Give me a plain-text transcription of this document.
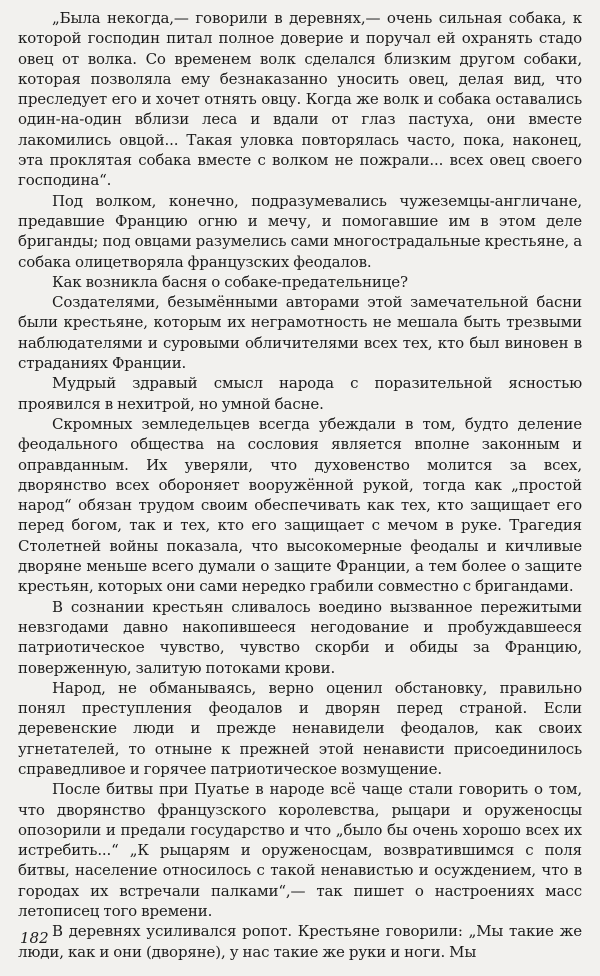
„Была некогда,— говорили в деревнях,— очень сильная собака, к которой господин питал полное доверие и поручал ей охранять стадо овец от волка. Со временем волк сделался близким другом собаки, которая позволяла ему безнаказанно уносить овец, делая вид, что преследует его и хочет отнять овцу. Когда же волк и собака оставались один-на-один вблизи леса и вдали от глаз пастуха, они вместе лакомились овцой... Такая уловка повторялась часто, пока, наконец, эта проклятая собака вместе с волком не пожрали... всех овец своего господина“.

Под волком, конечно, подразумевались чужеземцы-англичане, предавшие Францию огню и мечу, и помогавшие им в этом деле бриганды; под овцами разумелись сами многострадальные крестьяне, а собака олицетворяла французских феодалов.

Как возникла басня о собаке-предательнице?

Создателями, безымёнными авторами этой замечательной басни были крестьяне, которым их неграмотность не мешала быть трезвыми наблюдателями и суровыми обличителями всех тех, кто был виновен в страданиях Франции.

Мудрый здравый смысл народа с поразительной ясностью проявился в нехитрой, но умной басне.

Скромных земледельцев всегда убеждали в том, будто деление феодального общества на сословия является вполне законным и оправданным. Их уверяли, что духовенство молится за всех, дворянство всех обороняет вооружённой рукой, тогда как „простой народ“ обязан трудом своим обеспечивать как тех, кто защищает его перед богом, так и тех, кто его защищает с мечом в руке. Трагедия Столетней войны показала, что высокомерные феодалы и кичливые дворяне меньше всего думали о защите Франции, а тем более о защите крестьян, которых они сами нередко грабили совместно с бригандами.

В сознании крестьян сливалось воедино вызванное пережитыми невзгодами давно накопившееся негодование и пробуждавшееся патриотическое чувство, чувство скорби и обиды за Францию, поверженную, залитую потоками крови.

Народ, не обманываясь, верно оценил обстановку, правильно понял преступления феодалов и дворян перед страной. Если деревенские люди и прежде ненавидели феодалов, как своих угнетателей, то отныне к прежней этой ненависти присоединилось справедливое и горячее патриотическое возмущение.

После битвы при Пуатье в народе всё чаще стали говорить о том, что дворянство французского королевства, рыцари и оруженосцы опозорили и предали государство и что „было бы очень хорошо всех их истребить...“ „К рыцарям и оруженосцам, возвратившимся с поля битвы, население относилось с такой ненавистью и осуждением, что в городах их встречали палками“,— так пишет о настроениях масс летописец того времени.

В деревнях усиливался ропот. Крестьяне говорили: „Мы такие же люди, как и они (дворяне), у нас такие же руки и ноги. Мы

182
